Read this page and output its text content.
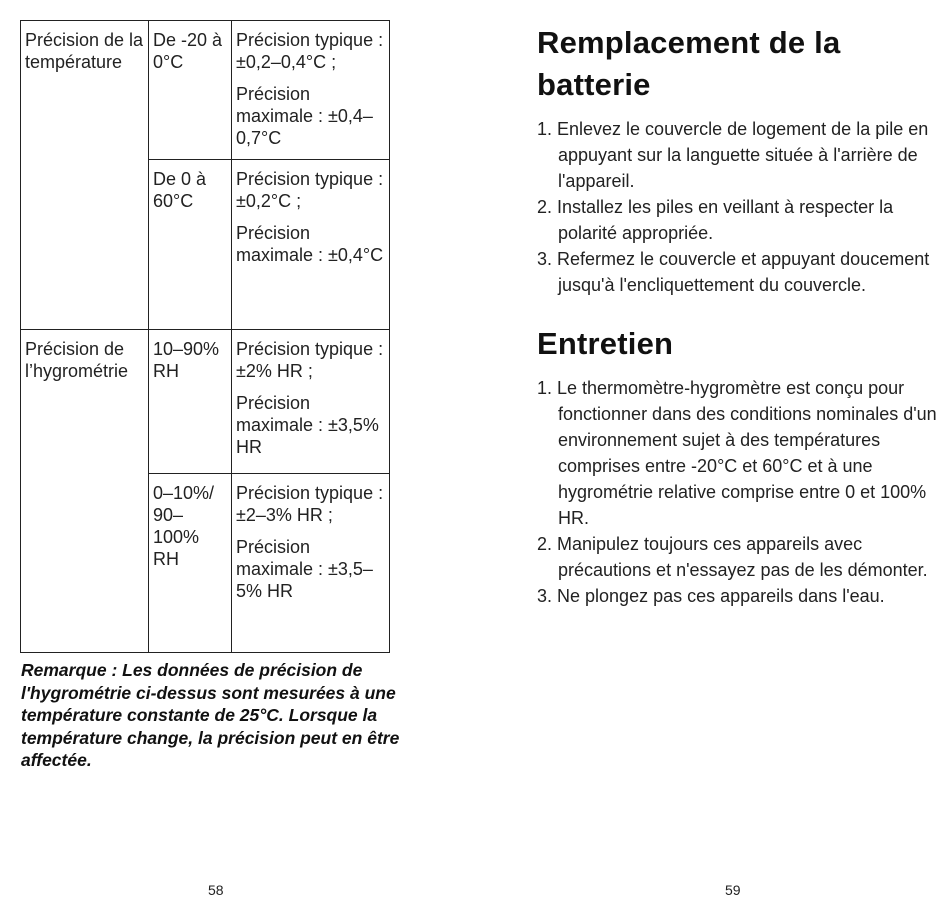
Précision de la température	De -20 à 0°C	Précision typique : ±0,2–0,4°C ;

Précision maximale : ±0,4–0,7°C

	De 0 à 60°C	Précision typique : ±0,2°C ;

Précision maximale : ±0,4°C

Précision de l’hygrométrie	10–90% RH	Précision typique : ±2% HR ;

Précision maximale : ±3,5% HR

	0–10%/ 90–100% RH	Précision typique : ±2–3% HR ;

Précision maximale : ±3,5–5% HR

Remarque : Les données de précision de l'hygrométrie ci-dessus sont mesurées à une température constante de 25°C. Lorsque la température change, la précision peut en être affectée.

Remplacement de la batterie
1. Enlevez le couvercle de logement de la pile en appuyant sur la languette située à l'arrière de l'appareil.
2. Installez les piles en veillant à respecter la polarité appropriée.
3. Refermez le couvercle et appuyant doucement jusqu'à l'encliquettement du couvercle.
Entretien
1. Le thermomètre-hygromètre est conçu pour fonctionner dans des conditions nominales d'un environnement sujet à des températures comprises entre -20°C et 60°C et à une hygrométrie relative comprise entre 0 et 100% HR.
2. Manipulez toujours ces appareils avec précautions et n'essayez pas de les démonter.
3. Ne plongez pas ces appareils dans l'eau.
58	59
